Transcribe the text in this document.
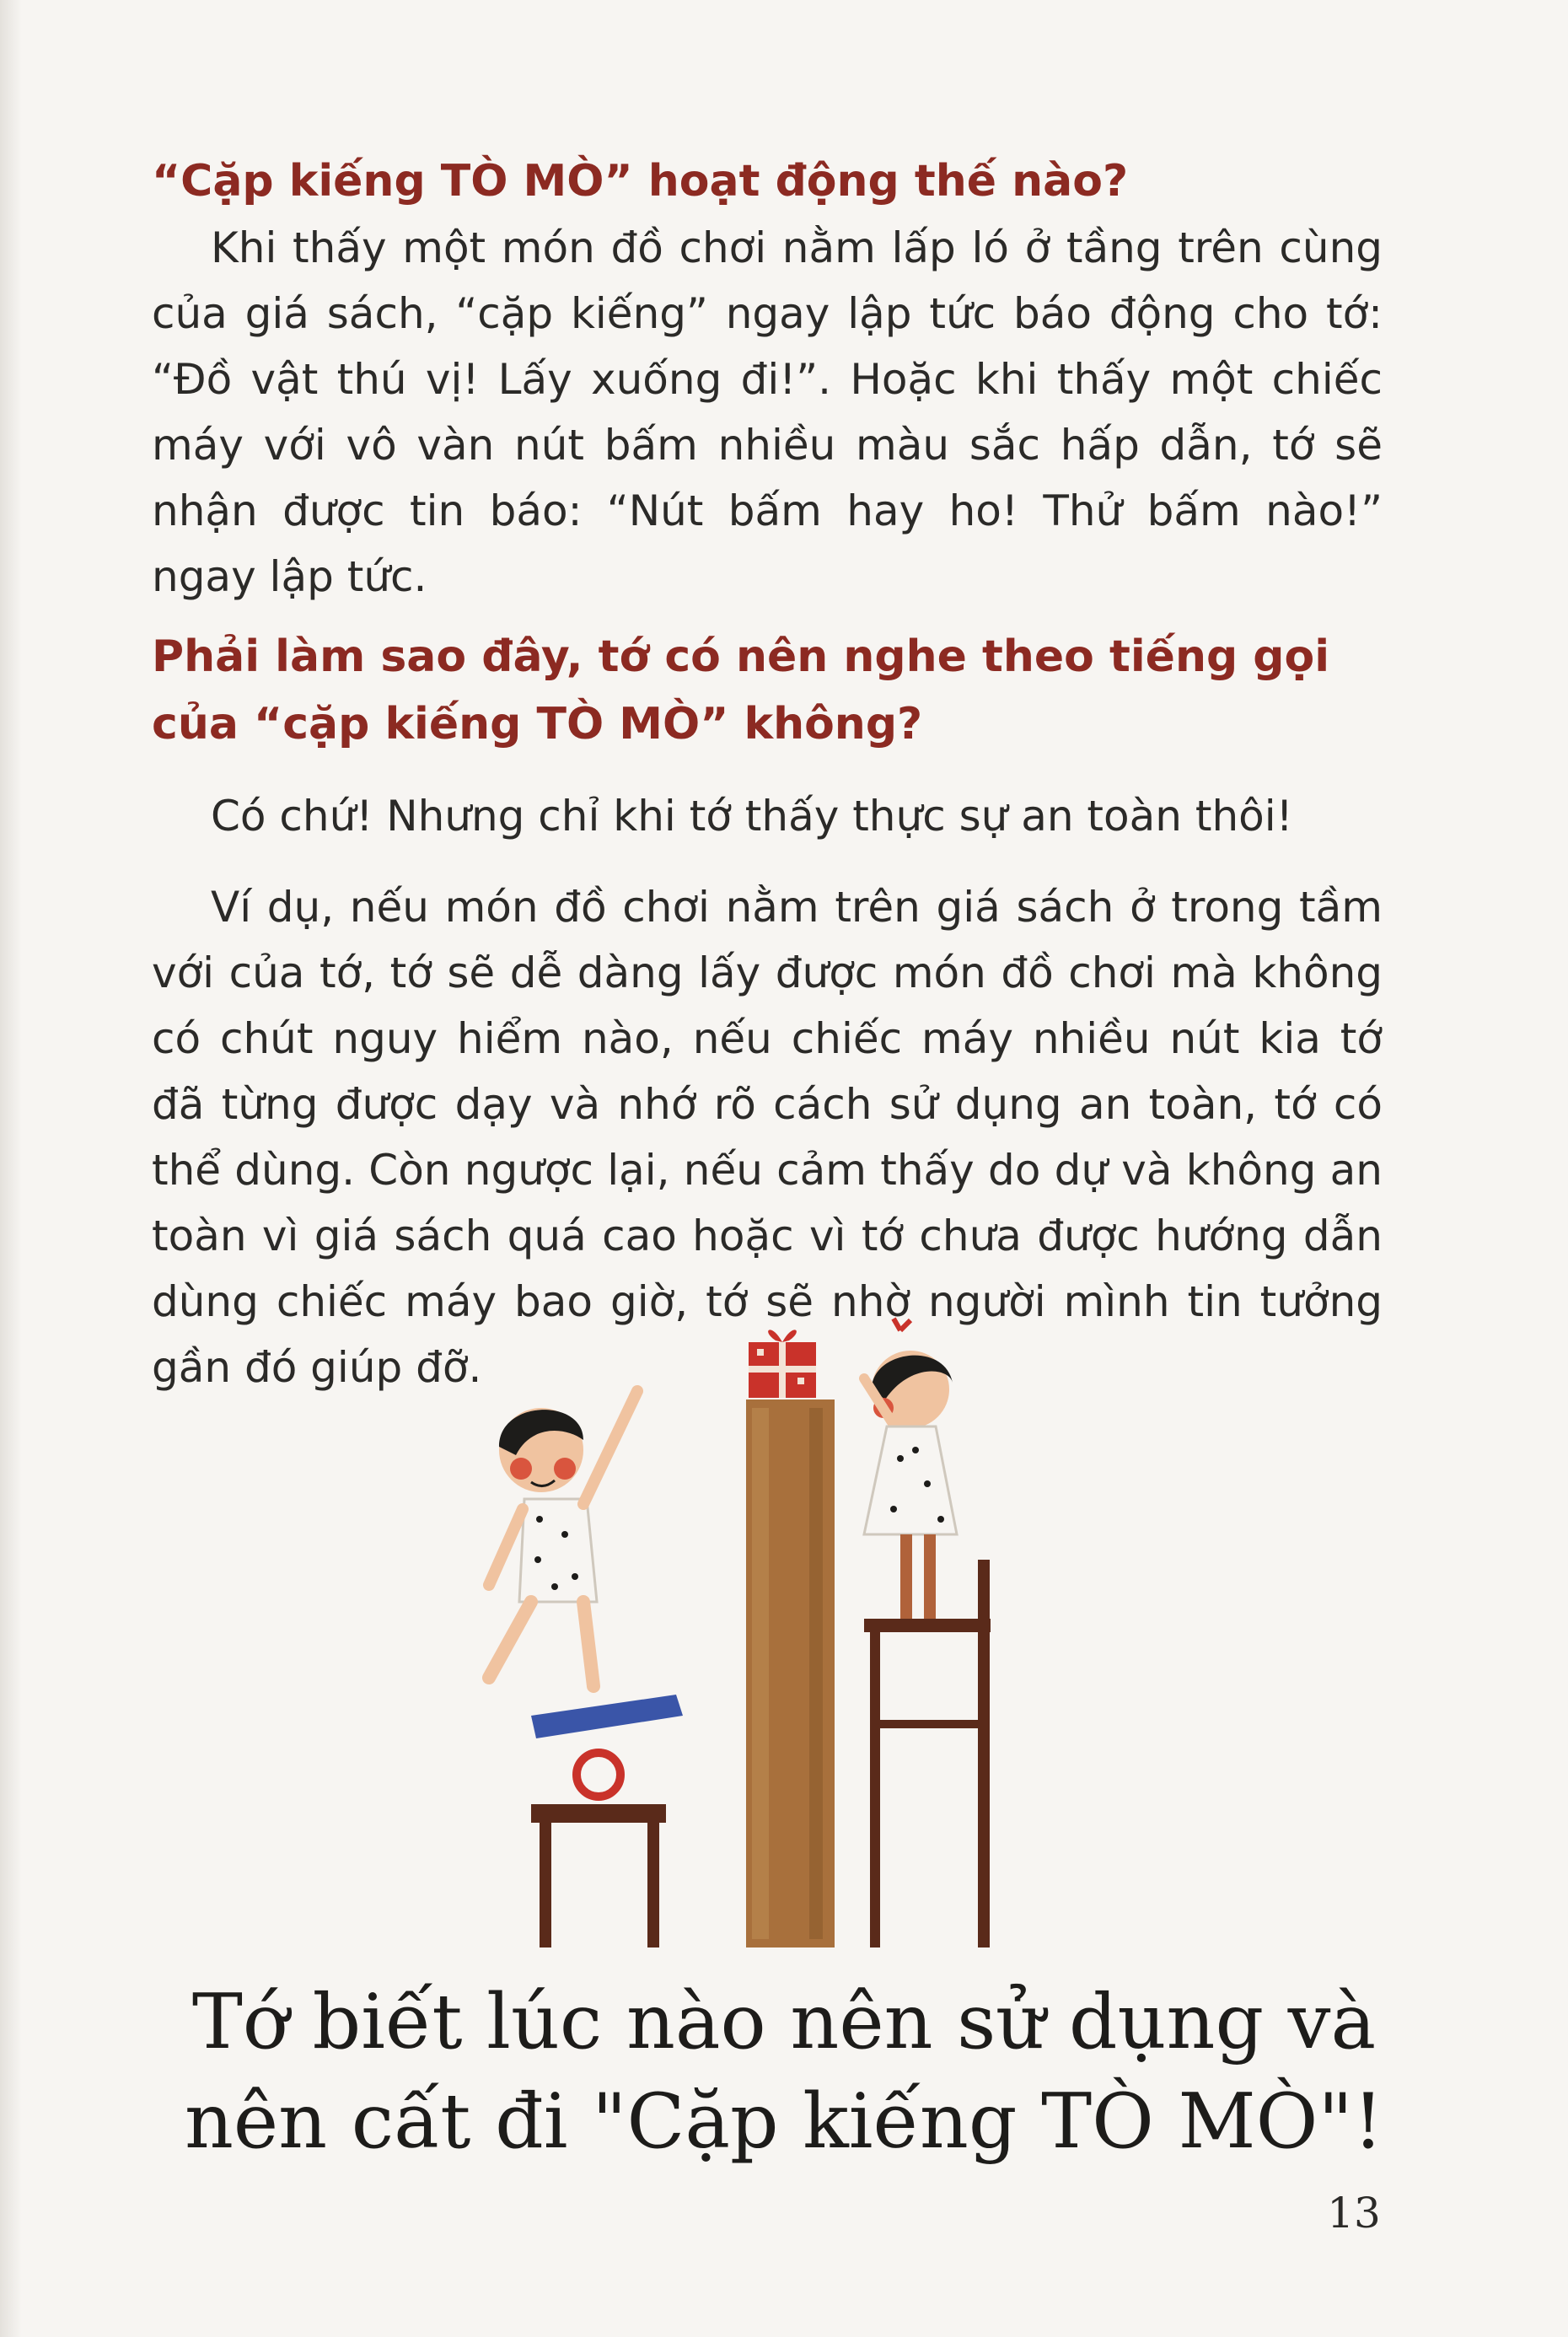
“Cặp kiếng TÒ MÒ” hoạt động thế nào?

Khi thấy một món đồ chơi nằm lấp ló ở tầng trên cùng của giá sách, “cặp kiếng” ngay lập tức báo động cho tớ: “Đồ vật thú vị! Lấy xuống đi!”. Hoặc khi thấy một chiếc máy với vô vàn nút bấm nhiều màu sắc hấp dẫn, tớ sẽ nhận được tin báo: “Nút bấm hay ho! Thử bấm nào!” ngay lập tức.

Phải làm sao đây, tớ có nên nghe theo tiếng gọi của “cặp kiếng TÒ MÒ” không?

Có chứ! Nhưng chỉ khi tớ thấy thực sự an toàn thôi!

Ví dụ, nếu món đồ chơi nằm trên giá sách ở trong tầm với của tớ, tớ sẽ dễ dàng lấy được món đồ chơi mà không có chút nguy hiểm nào, nếu chiếc máy nhiều nút kia tớ đã từng được dạy và nhớ rõ cách sử dụng an toàn, tớ có thể dùng. Còn ngược lại, nếu cảm thấy do dự và không an toàn vì giá sách quá cao hoặc vì tớ chưa được hướng dẫn dùng chiếc máy bao giờ, tớ sẽ nhờ người mình tin tưởng gần đó giúp đỡ.

Tớ biết lúc nào nên sử dụng và
nên cất đi "Cặp kiếng TÒ MÒ"!

13
